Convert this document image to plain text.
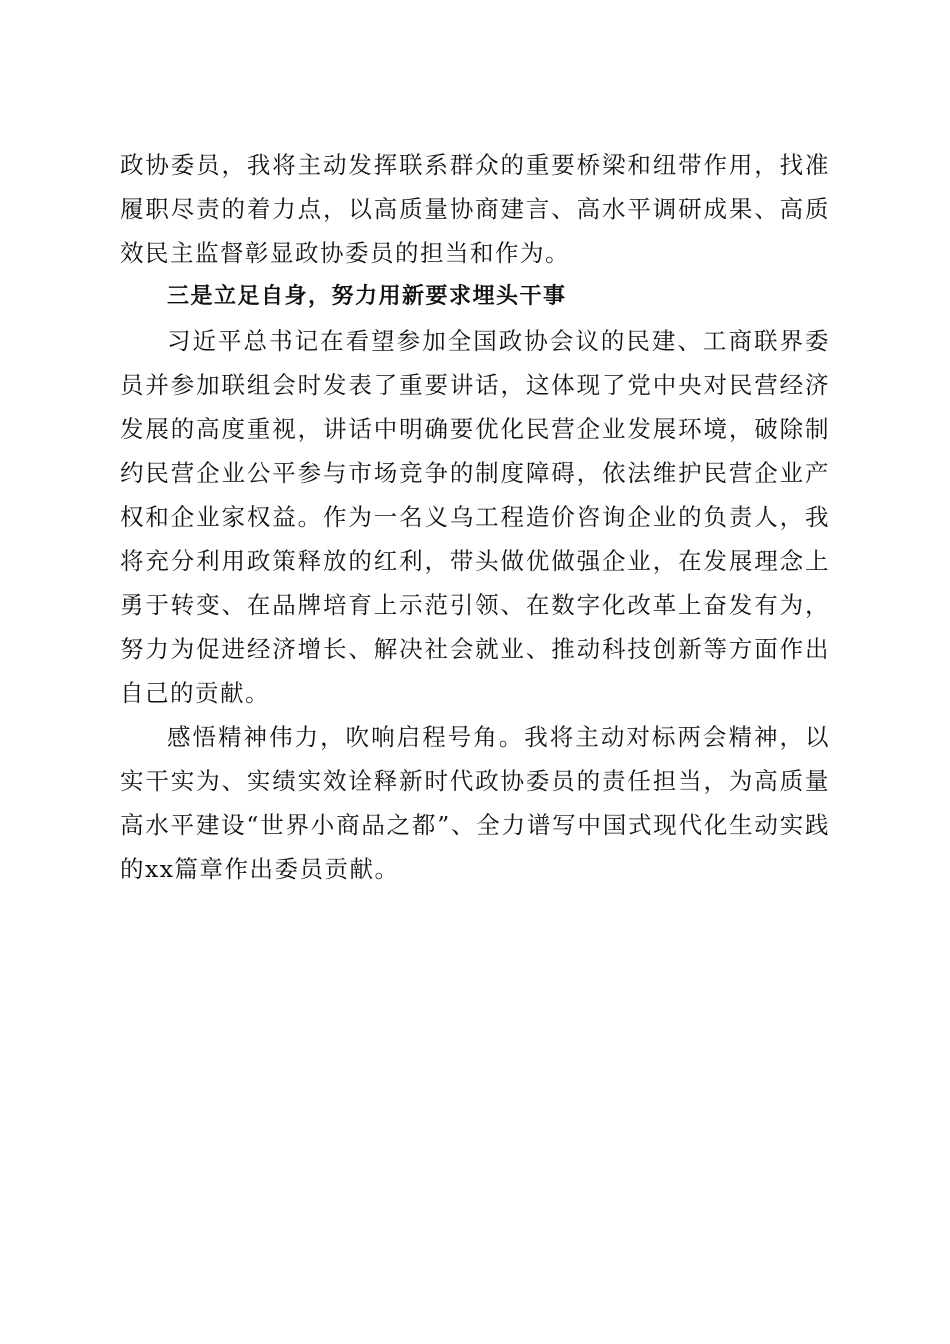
政协委员，我将主动发挥联系群众的重要桥梁和纽带作用，找准履职尽责的着力点，以高质量协商建言、高水平调研成果、高质效民主监督彰显政协委员的担当和作为。

三是立足自身，努力用新要求埋头干事

习近平总书记在看望参加全国政协会议的民建、工商联界委员并参加联组会时发表了重要讲话，这体现了党中央对民营经济发展的高度重视，讲话中明确要优化民营企业发展环境，破除制约民营企业公平参与市场竞争的制度障碍，依法维护民营企业产权和企业家权益。作为一名义乌工程造价咨询企业的负责人，我将充分利用政策释放的红利，带头做优做强企业，在发展理念上勇于转变、在品牌培育上示范引领、在数字化改革上奋发有为，努力为促进经济增长、解决社会就业、推动科技创新等方面作出自己的贡献。

感悟精神伟力，吹响启程号角。我将主动对标两会精神，以实干实为、实绩实效诠释新时代政协委员的责任担当，为高质量高水平建设“世界小商品之都”、全力谱写中国式现代化生动实践的xx篇章作出委员贡献。
